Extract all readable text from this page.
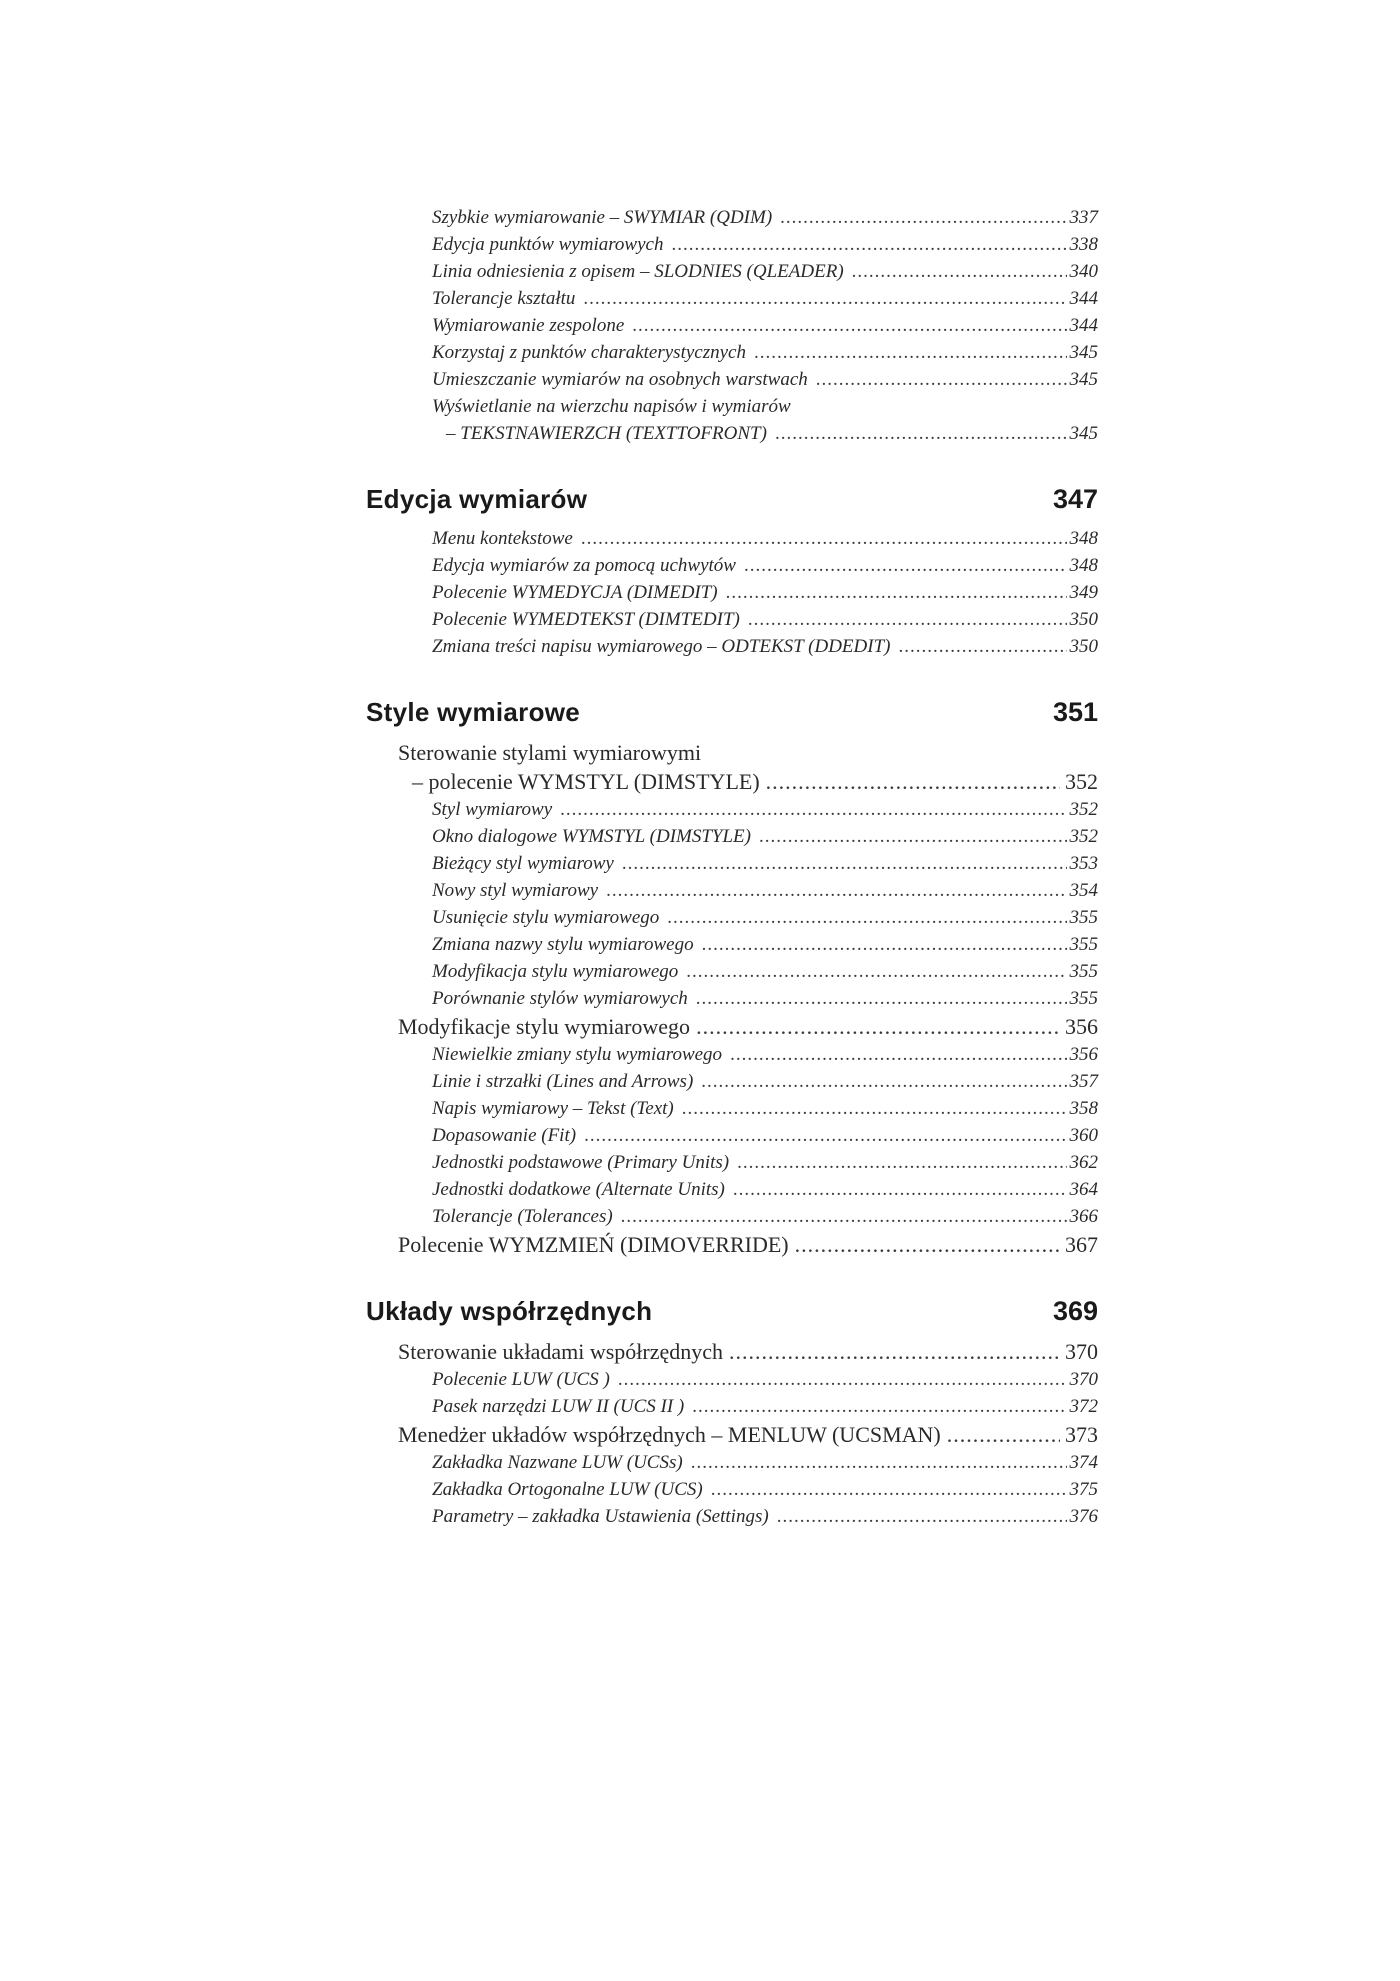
Szybkie wymiarowanie – SWYMIAR (QDIM) .....	337
Edycja punktów wymiarowych .....	338
Linia odniesienia z opisem – SLODNIES (QLEADER) .....	340
Tolerancje kształtu .....	344
Wymiarowanie zespolone .....	344
Korzystaj z punktów charakterystycznych .....	345
Umieszczanie wymiarów na osobnych warstwach .....	345
Wyświetlanie na wierzchu napisów i wymiarów
– TEKSTNAWIERZCH (TEXTTOFRONT) .....	345
Edycja wymiarów	347
Menu kontekstowe .....	348
Edycja wymiarów za pomocą uchwytów .....	348
Polecenie WYMEDYCJA (DIMEDIT) .....	349
Polecenie WYMEDTEKST (DIMTEDIT) .....	350
Zmiana treści napisu wymiarowego – ODTEKST (DDEDIT) .....	350
Style wymiarowe	351
Sterowanie stylami wymiarowymi
– polecenie WYMSTYL (DIMSTYLE) .....	352
Styl wymiarowy .....	352
Okno dialogowe WYMSTYL (DIMSTYLE) .....	352
Bieżący styl wymiarowy .....	353
Nowy styl wymiarowy .....	354
Usunięcie stylu wymiarowego .....	355
Zmiana nazwy stylu wymiarowego .....	355
Modyfikacja stylu wymiarowego .....	355
Porównanie stylów wymiarowych .....	355
Modyfikacje stylu wymiarowego .....	356
Niewielkie zmiany stylu wymiarowego .....	356
Linie i strzałki (Lines and Arrows) .....	357
Napis wymiarowy – Tekst (Text) .....	358
Dopasowanie (Fit) .....	360
Jednostki podstawowe (Primary Units) .....	362
Jednostki dodatkowe (Alternate Units) .....	364
Tolerancje (Tolerances) .....	366
Polecenie WYMZMIEŃ (DIMOVERRIDE) .....	367
Układy współrzędnych	369
Sterowanie układami współrzędnych .....	370
Polecenie LUW (UCS ) .....	370
Pasek narzędzi LUW II (UCS II ) .....	372
Menedżer układów współrzędnych – MENLUW (UCSMAN) .....	373
Zakładka Nazwane LUW (UCSs) .....	374
Zakładka Ortogonalne LUW (UCS) .....	375
Parametry – zakładka Ustawienia (Settings) .....	376
